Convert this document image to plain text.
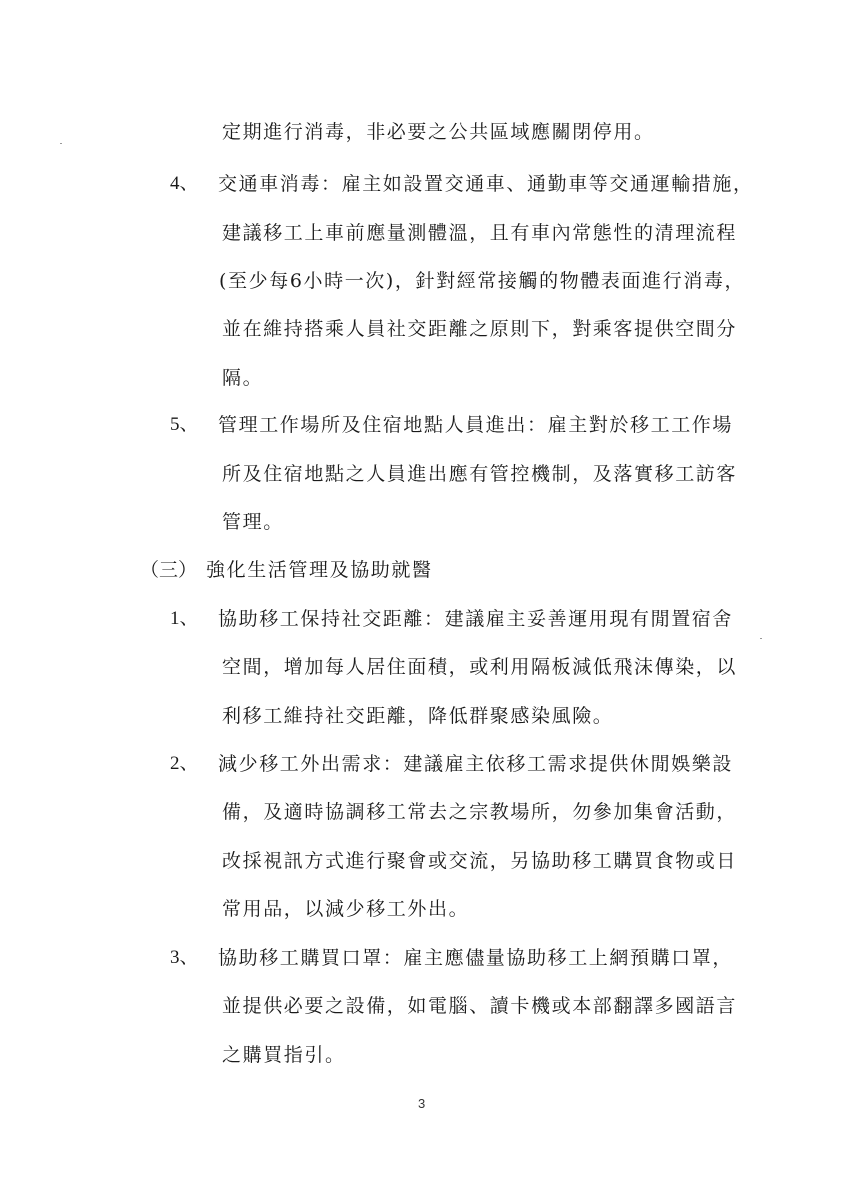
定期進行消毒，非必要之公共區域應關閉停用。
4、 交通車消毒：雇主如設置交通車、通勤車等交通運輸措施，
建議移工上車前應量測體溫，且有車內常態性的清理流程
(至少每6小時一次)，針對經常接觸的物體表面進行消毒，
並在維持搭乘人員社交距離之原則下，對乘客提供空間分
隔。
5、 管理工作場所及住宿地點人員進出：雇主對於移工工作場
所及住宿地點之人員進出應有管控機制，及落實移工訪客
管理。
（三） 強化生活管理及協助就醫
1、 協助移工保持社交距離：建議雇主妥善運用現有閒置宿舍
空間，增加每人居住面積，或利用隔板減低飛沫傳染，以
利移工維持社交距離，降低群聚感染風險。
2、 減少移工外出需求：建議雇主依移工需求提供休閒娛樂設
備，及適時協調移工常去之宗教場所，勿參加集會活動，
改採視訊方式進行聚會或交流，另協助移工購買食物或日
常用品，以減少移工外出。
3、 協助移工購買口罩：雇主應儘量協助移工上網預購口罩，
並提供必要之設備，如電腦、讀卡機或本部翻譯多國語言
之購買指引。
3
